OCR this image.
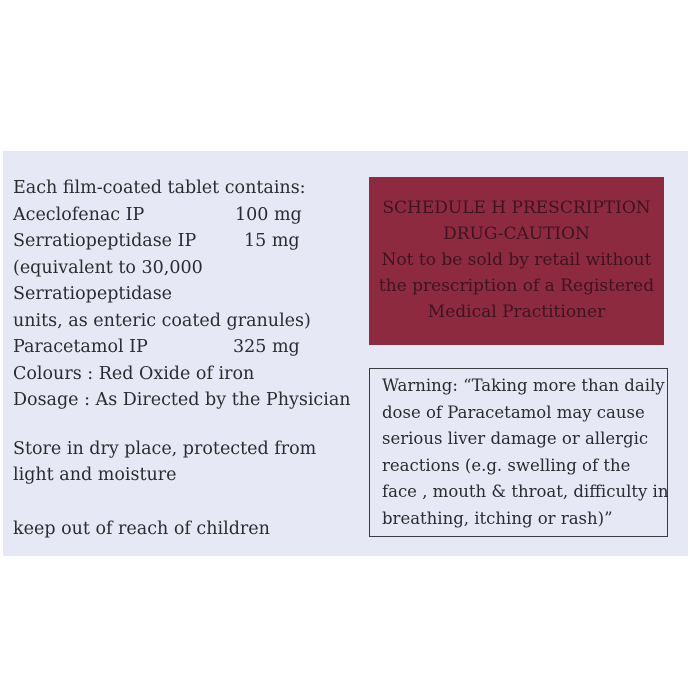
Each film-coated tablet contains:
Aceclofenac IP	100 mg
Serratiopeptidase IP	15 mg
(equivalent to 30,000
Serratiopeptidase
units, as enteric coated granules)
Paracetamol IP	325 mg
Colours : Red Oxide of iron
Dosage : As Directed by the Physician
Store in dry place, protected from
light and moisture
keep out of reach of children
SCHEDULE H PRESCRIPTION
DRUG-CAUTION
Not to be sold by retail without
the prescription of a Registered
Medical Practitioner
Warning: “Taking more than daily
dose of Paracetamol may cause
serious liver damage or allergic
reactions (e.g. swelling of the
face , mouth & throat, difficulty in
breathing, itching or rash)”
